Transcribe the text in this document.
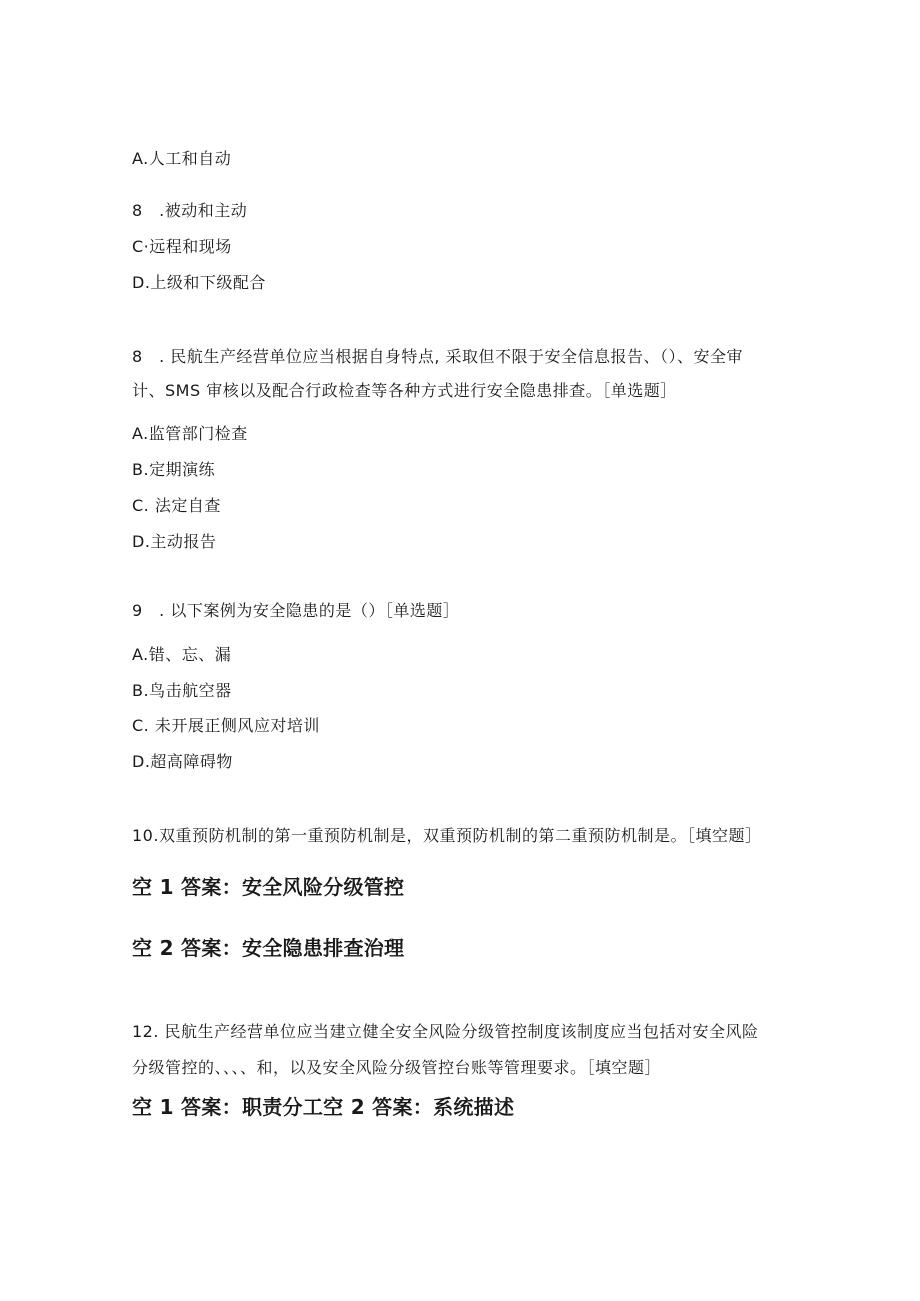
A.人工和自动
8　.被动和主动
C·远程和现场
D.上级和下级配合
8　. 民航生产经营单位应当根据自身特点, 采取但不限于安全信息报告、（）、安全审
计、SMS 审核以及配合行政检查等各种方式进行安全隐患排查。［单选题］
A.监管部门检查
B.定期演练
C. 法定自查
D.主动报告
9　. 以下案例为安全隐患的是（）［单选题］
A.错、忘、漏
B.鸟击航空器
C. 未开展正侧风应对培训
D.超高障碍物
10.双重预防机制的第一重预防机制是，双重预防机制的第二重预防机制是。［填空题］
空 1 答案：安全风险分级管控
空 2 答案：安全隐患排查治理
12. 民航生产经营单位应当建立健全安全风险分级管控制度该制度应当包括对安全风险
分级管控的、、、、和，以及安全风险分级管控台账等管理要求。［填空题］
空 1 答案：职责分工空 2 答案：系统描述
